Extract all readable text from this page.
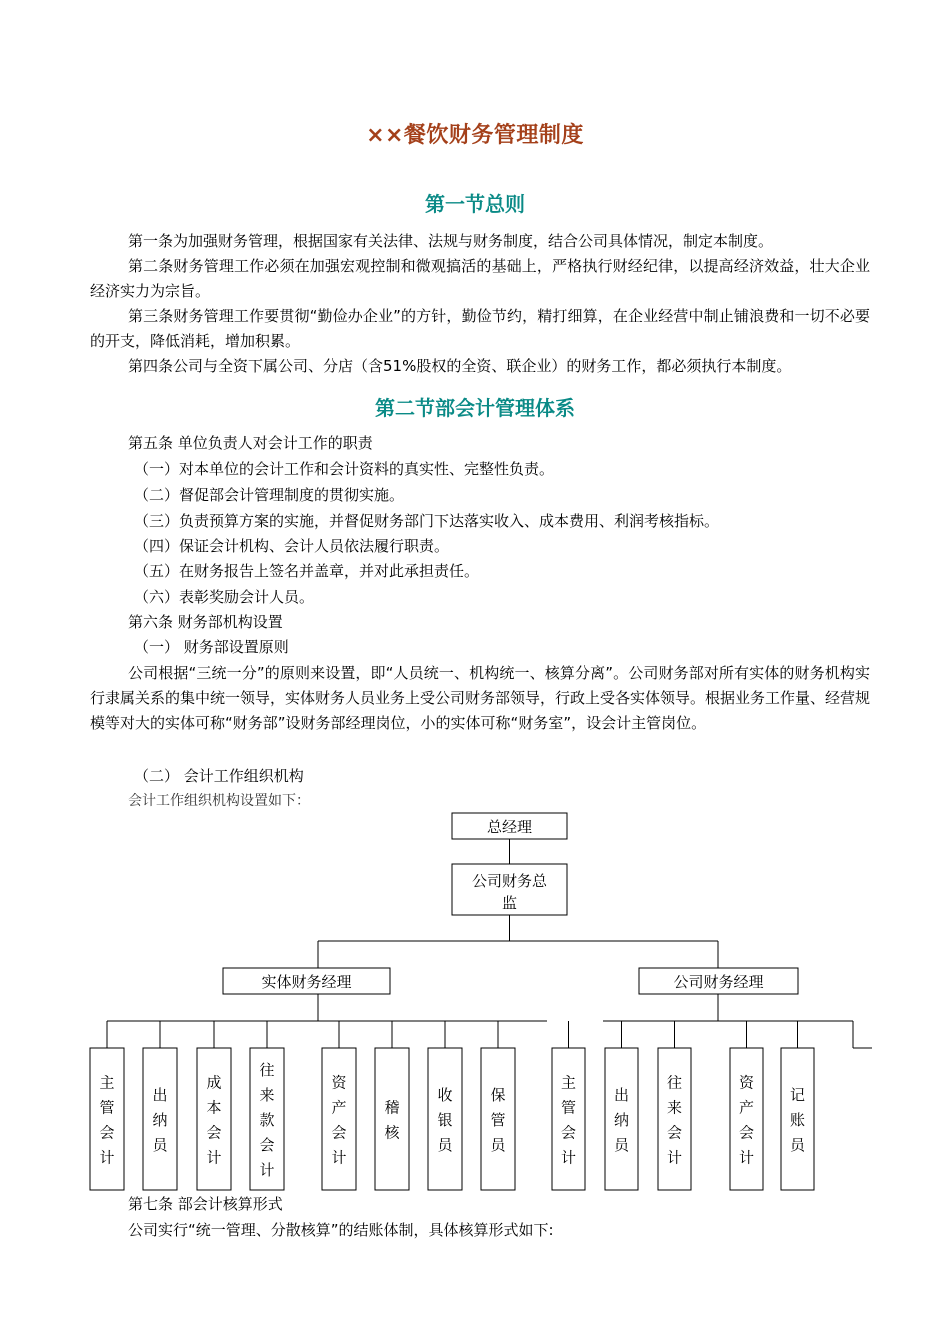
××餐饮财务管理制度
第一节总则

第一条为加强财务管理，根据国家有关法律、法规与财务制度，结合公司具体情况，制定本制度。

第二条财务管理工作必须在加强宏观控制和微观搞活的基础上，严格执行财经纪律，以提高经济效益，壮大企业经济实力为宗旨。

第三条财务管理工作要贯彻“勤俭办企业”的方针，勤俭节约，精打细算，在企业经营中制止铺浪费和一切不必要的开支，降低消耗，增加积累。

第四条公司与全资下属公司、分店（含51%股权的全资、联企业）的财务工作，都必须执行本制度。

第二节部会计管理体系
第五条 单位负责人对会计工作的职责
（一）对本单位的会计工作和会计资料的真实性、完整性负责。
（二）督促部会计管理制度的贯彻实施。
（三）负责预算方案的实施，并督促财务部门下达落实收入、成本费用、利润考核指标。
（四）保证会计机构、会计人员依法履行职责。
（五）在财务报告上签名并盖章，并对此承担责任。
（六）表彰奖励会计人员。
第六条 财务部机构设置
（一） 财务部设置原则

公司根据“三统一分”的原则来设置，即“人员统一、机构统一、核算分离”。公司财务部对所有实体的财务机构实行隶属关系的集中统一领导，实体财务人员业务上受公司财务部领导，行政上受各实体领导。根据业务工作量、经营规模等对大的实体可称“财务部”设财务部经理岗位，小的实体可称“财务室”，设会计主管岗位。

（二） 会计工作组织机构
会计工作组织机构设置如下：
总经理
公司财务总
监
实体财务经理	公司财务经理
主管会计
出纳员
成本会计
往来款会计
资产会计
稽核
收银员
保管员
主管会计
出纳员
往来会计
资产会计
记账员
第七条 部会计核算形式
公司实行“统一管理、分散核算”的结账体制，具体核算形式如下:
